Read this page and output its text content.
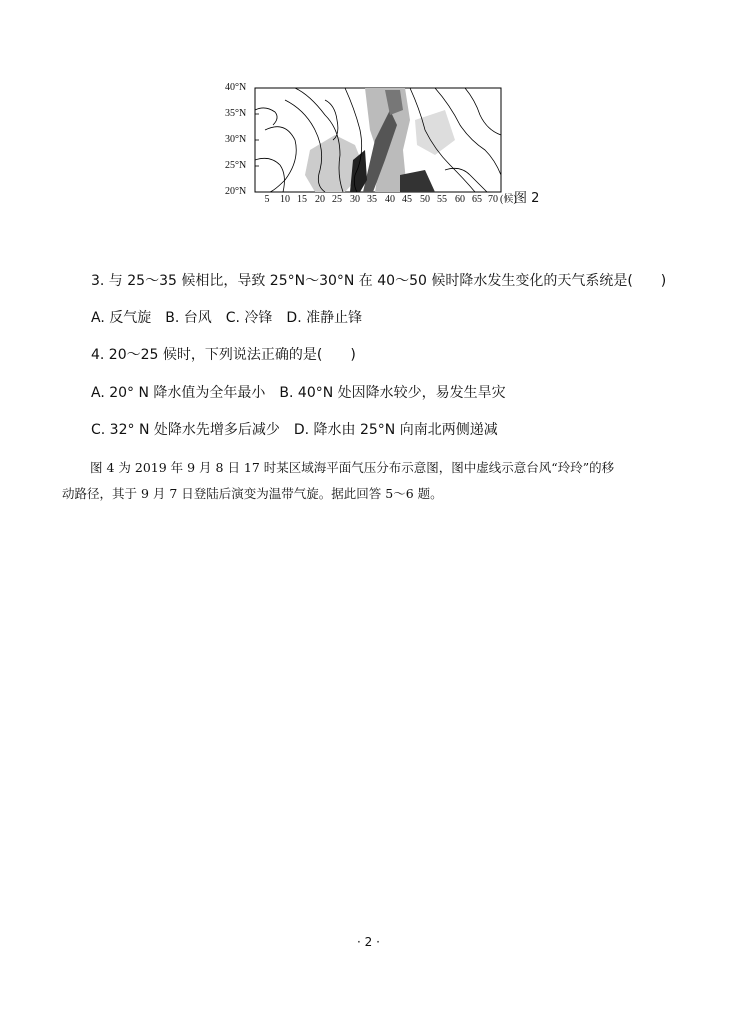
40°N
35°N
30°N
25°N
20°N
5 10 15 20 25 30 35 40 45 50 55 60 65 70 (候)
图 2
3. 与 25～35 候相比，导致 25°N～30°N 在 40～50 候时降水发生变化的天气系统是(　　)
A. 反气旋　B. 台风　C. 冷锋　D. 准静止锋
4. 20～25 候时，下列说法正确的是(　　)
A. 20° N 降水值为全年最小　B. 40°N 处因降水较少，易发生旱灾
C. 32° N 处降水先增多后减少　D. 降水由 25°N 向南北两侧递减
图 4 为 2019 年 9 月 8 日 17 时某区域海平面气压分布示意图，图中虚线示意台风“玲玲”的移
动路径，其于 9 月 7 日登陆后演变为温带气旋。据此回答 5～6 题。
· 2 ·
